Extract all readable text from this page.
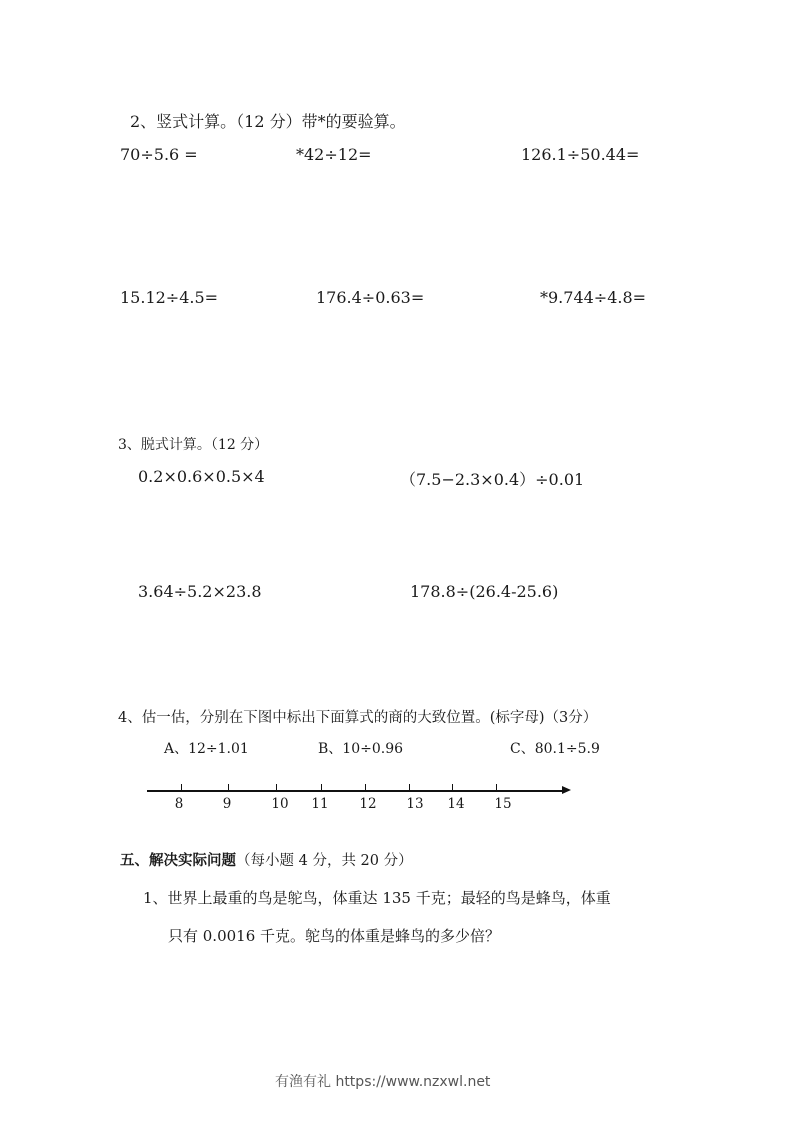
2、竖式计算。（12 分）带*的要验算。
70÷5.6 =	*42÷12=	126.1÷50.44=
15.12÷4.5=	176.4÷0.63=	*9.744÷4.8=
3、脱式计算。（12 分）
0.2×0.6×0.5×4	（7.5−2.3×0.4）÷0.01
3.64÷5.2×23.8	178.8÷(26.4-25.6)
4、估一估，分别在下图中标出下面算式的商的大致位置。(标字母)（3分）
A、12÷1.01	B、10÷0.96	C、80.1÷5.9
8	9	10 11 12 13 14 15
五、解决实际问题（每小题 4 分，共 20 分）
1、世界上最重的鸟是鸵鸟，体重达 135 千克；最轻的鸟是蜂鸟，体重
只有 0.0016 千克。鸵鸟的体重是蜂鸟的多少倍？
有渔有礼 https://www.nzxwl.net
